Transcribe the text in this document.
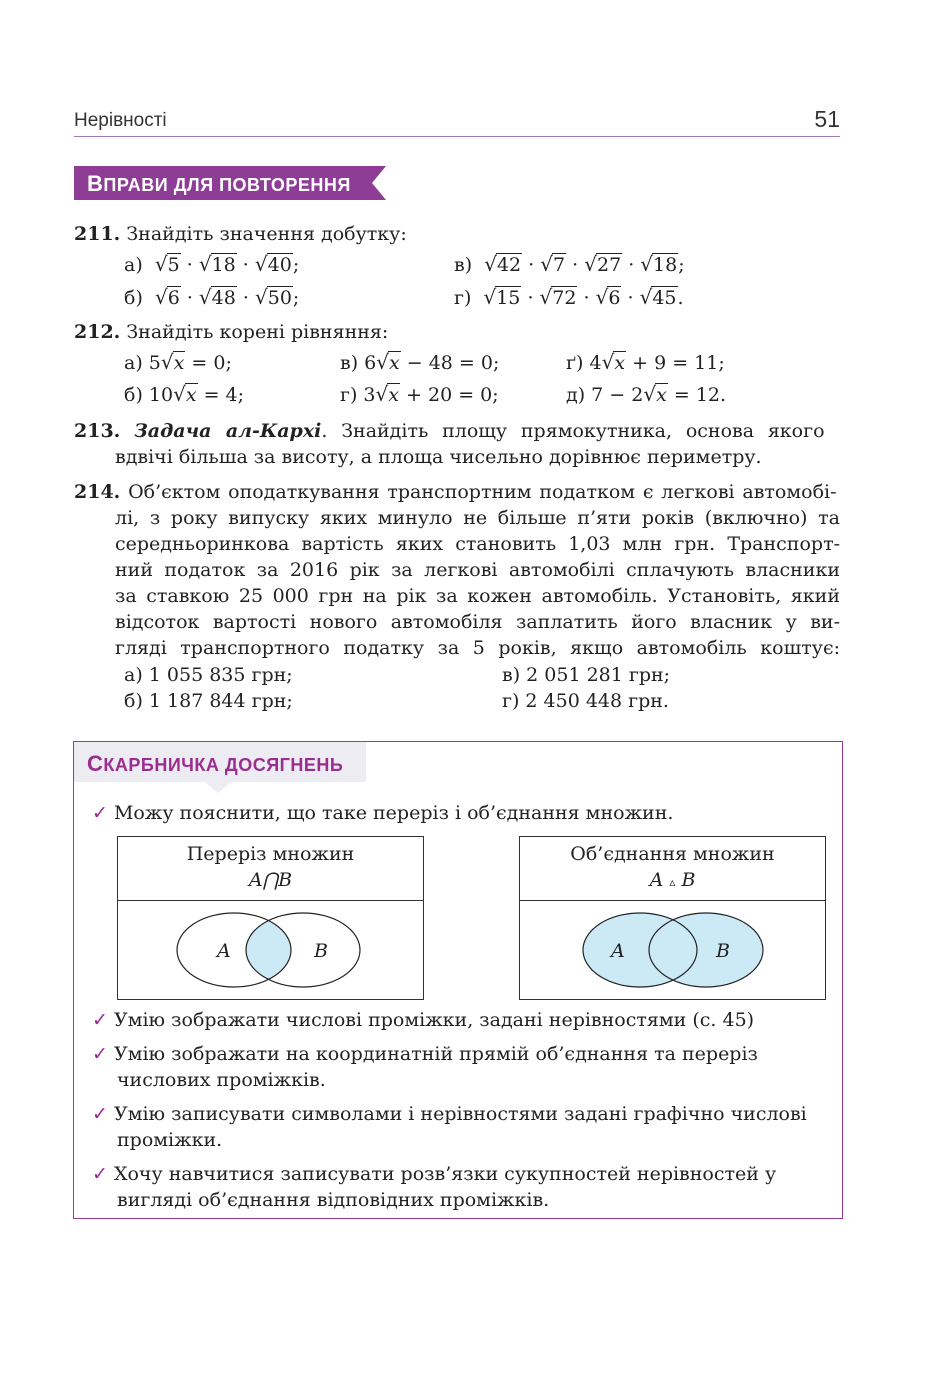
Нерівності	51
ВПРАВИ ДЛЯ ПОВТОРЕННЯ
211. Знайдіть значення добутку:
а) √5 · √18 · √40;	в) √42 · √7 · √27 · √18;
б) √6 · √48 · √50;	г) √15 · √72 · √6 · √45.
212. Знайдіть корені рівняння:
а) 5√x = 0;	в) 6√x − 48 = 0;	ґ) 4√x + 9 = 11;
б) 10√x = 4;	г) 3√x + 20 = 0;	д) 7 − 2√x = 12.
213. Задача ал-Кархі. Знайдіть площу прямокутника, основа якого
вдвічі більша за висоту, а площа чисельно дорівнює периметру.
214. Об’єктом оподаткування транспортним податком є легкові автомобі-
лі, з року випуску яких минуло не більше п’яти років (включно) та
середньоринкова вартість яких становить 1,03 млн грн. Транспорт-
ний податок за 2016 рік за легкові автомобілі сплачують власники
за ставкою 25 000 грн на рік за кожен автомобіль. Установіть, який
відсоток вартості нового автомобіля заплатить його власник у ви-
гляді транспортного податку за 5 років, якщо автомобіль коштує:
а) 1 055 835 грн;	в) 2 051 281 грн;
б) 1 187 844 грн;	г) 2 450 448 грн.
СКАРБНИЧКА ДОСЯГНЕНЬ
✓ Можу пояснити, що таке переріз і об’єднання множин.
Переріз множин
A⋂B
A	B
Об’єднання множин
A ▵ B
A	B
✓ Умію зображати числові проміжки, задані нерівностями (с. 45)
✓ Умію зображати на координатній прямій об’єднання та переріз
числових проміжків.
✓ Умію записувати символами і нерівностями задані графічно числові
проміжки.
✓ Хочу навчитися записувати розв’язки сукупностей нерівностей у
вигляді об’єднання відповідних проміжків.
